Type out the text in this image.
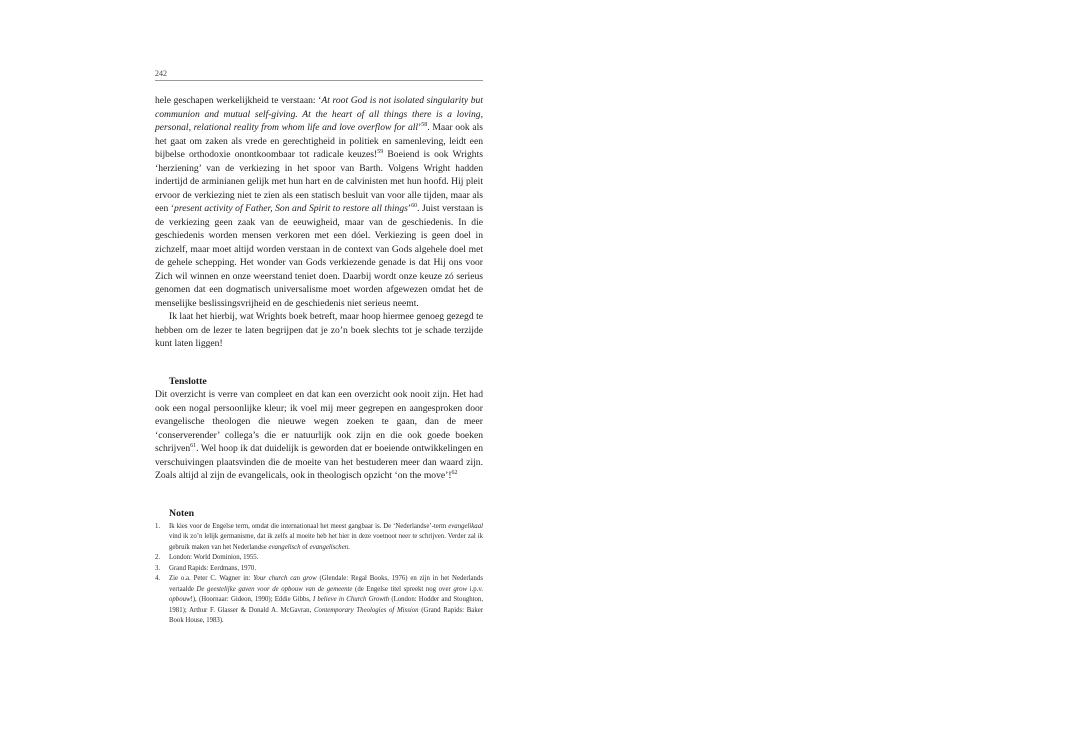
242

hele geschapen werkelijkheid te verstaan: ‘At root God is not isolated singularity but communion and mutual self-giving. At the heart of all things there is a loving, personal, relational reality from whom life and love overflow for all’$^{58}$. Maar ook als het gaat om zaken als vrede en gerechtigheid in politiek en samenleving, leidt een bijbelse orthodoxie onontkoombaar tot radicale keuzes!$^{59}$ Boeiend is ook Wrights ‘herziening’ van de verkiezing in het spoor van Barth. Volgens Wright hadden indertijd de arminianen gelijk met hun hart en de calvinisten met hun hoofd. Hij pleit ervoor de verkiezing niet te zien als een statisch besluit van voor alle tijden, maar als een ‘present activity of Father, Son and Spirit to restore all things’$^{60}$. Juist verstaan is de verkiezing geen zaak van de eeuwigheid, maar van de geschiedenis. In die geschiedenis worden mensen verkoren met een dóel. Verkiezing is geen doel in zichzelf, maar moet altijd worden verstaan in de context van Gods algehele doel met de gehele schepping. Het wonder van Gods verkiezende genade is dat Hij ons voor Zich wil winnen en onze weerstand teniet doen. Daarbij wordt onze keuze zó serieus genomen dat een dogmatisch universalisme moet worden afgewezen omdat het de menselijke beslissingsvrijheid en de geschiedenis niet serieus neemt.

Ik laat het hierbij, wat Wrights boek betreft, maar hoop hiermee genoeg gezegd te hebben om de lezer te laten begrijpen dat je zo’n boek slechts tot je schade terzijde kunt laten liggen!

Tenslotte

Dit overzicht is verre van compleet en dat kan een overzicht ook nooit zijn. Het had ook een nogal persoonlijke kleur; ik voel mij meer gegrepen en aangesproken door evangelische theologen die nieuwe wegen zoeken te gaan, dan de meer ‘conserverender’ collega’s die er natuurlijk ook zijn en die ook goede boeken schrijven$^{61}$. Wel hoop ik dat duidelijk is geworden dat er boeiende ontwikkelingen en verschuivingen plaatsvinden die de moeite van het bestuderen meer dan waard zijn. Zoals altijd al zijn de evangelicals, ook in theologisch opzicht ‘on the move’!$^{62}$

Noten
1. Ik kies voor de Engelse term, omdat die internationaal het meest gangbaar is. De ‘Nederlandse’-term evangelikaal vind ik zo’n lelijk germanisme, dat ik zelfs al moeite heb het hier in deze voetnoot neer te schrijven. Verder zal ik gebruik maken van het Nederlandse evangelisch of evangelischen.
2. London: World Dominion, 1955.
3. Grand Rapids: Eerdmans, 1970.
4. Zie o.a. Peter C. Wagner in: Your church can grow (Glendale: Regal Books, 1976) en zijn in het Nederlands vertaalde De geestelijke gaven voor de opbouw van de gemeente (de Engelse titel spreekt nog over grow i.p.v. opbouw!), (Hoornaar: Gideon, 1990); Eddie Gibbs, I believe in Church Growth (London: Hodder and Stoughton, 1981); Arthur F. Glasser & Donald A. McGavran, Contemporary Theologies of Mission (Grand Rapids: Baker Book House, 1983).
